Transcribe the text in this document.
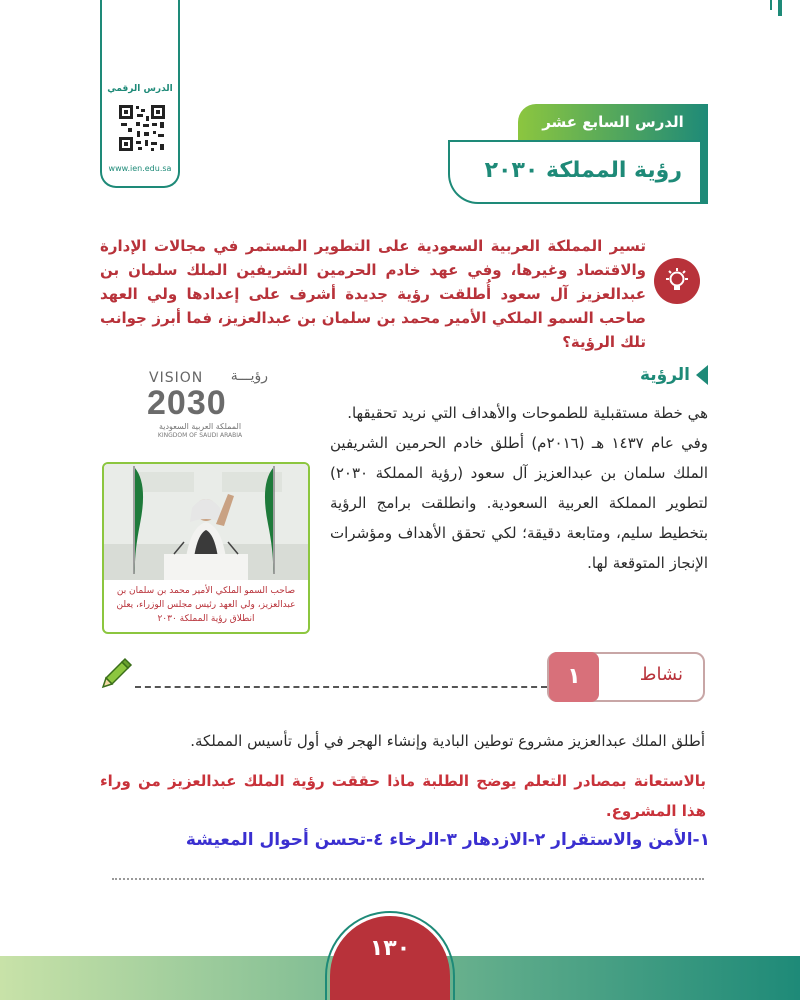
الدرس الرقمي
www.ien.edu.sa
الدرس السابع عشر
رؤية المملكة ٢٠٣٠

تسير المملكة العربية السعودية على التطوير المستمر في مجالات الإدارة والاقتصاد وغيرها، وفي عهد خادم الحرمين الشريفين الملك سلمان بن عبدالعزيز آل سعود أُطلقت رؤية جديدة أشرف على إعدادها ولي العهد صاحب السمو الملكي الأمير محمد بن سلمان بن عبدالعزيز، فما أبرز جوانب تلك الرؤية؟

الرؤية

هي خطة مستقبلية للطموحات والأهداف التي نريد تحقيقها.

وفي عام ١٤٣٧ هـ (٢٠١٦م) أطلق خادم الحرمين الشريفين الملك سلمان بن عبدالعزيز آل سعود (رؤية المملكة ٢٠٣٠) لتطوير المملكة العربية السعودية. وانطلقت برامج الرؤية بتخطيط سليم، ومتابعة دقيقة؛ لكي تحقق الأهداف ومؤشرات الإنجاز المتوقعة لها.

VISION رؤيـــة
2030
المملكة العربية السعودية
KINGDOM OF SAUDI ARABIA
صاحب السمو الملكي الأمير محمد بن سلمان بن عبدالعزيز، ولي العهد رئيس مجلس الوزراء، يعلن انطلاق رؤية المملكة ٢٠٣٠
نشاط
١

أطلق الملك عبدالعزيز مشروع توطين البادية وإنشاء الهجر في أول تأسيس المملكة.

بالاستعانة بمصادر التعلم يوضح الطلبة ماذا حققت رؤية الملك عبدالعزيز من وراء هذا المشروع.

١-الأمن والاستقرار ٢-الازدهار ٣-الرخاء ٤-تحسن أحوال المعيشة

١٣٠
